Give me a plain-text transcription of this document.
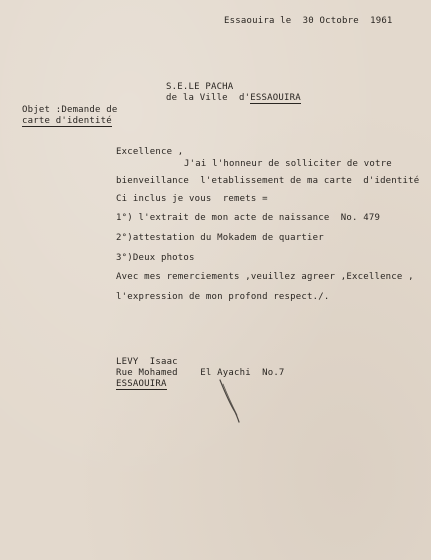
Essaouira le  30 Octobre  1961
S.E.LE PACHA
de la Ville  d'ESSAOUIRA
Objet :Demande de
carte d'identité
Excellence ,
J'ai l'honneur de solliciter de votre
bienveillance  l'etablissement de ma carte  d'identité
Ci inclus je vous  remets =
1°) l'extrait de mon acte de naissance  No. 479
2°)attestation du Mokadem de quartier
3°)Deux photos
Avec mes remerciements ,veuillez agreer ,Excellence ,
l'expression de mon profond respect./.
LEVY  Isaac
Rue Mohamed    El Ayachi  No.7
ESSAOUIRA
